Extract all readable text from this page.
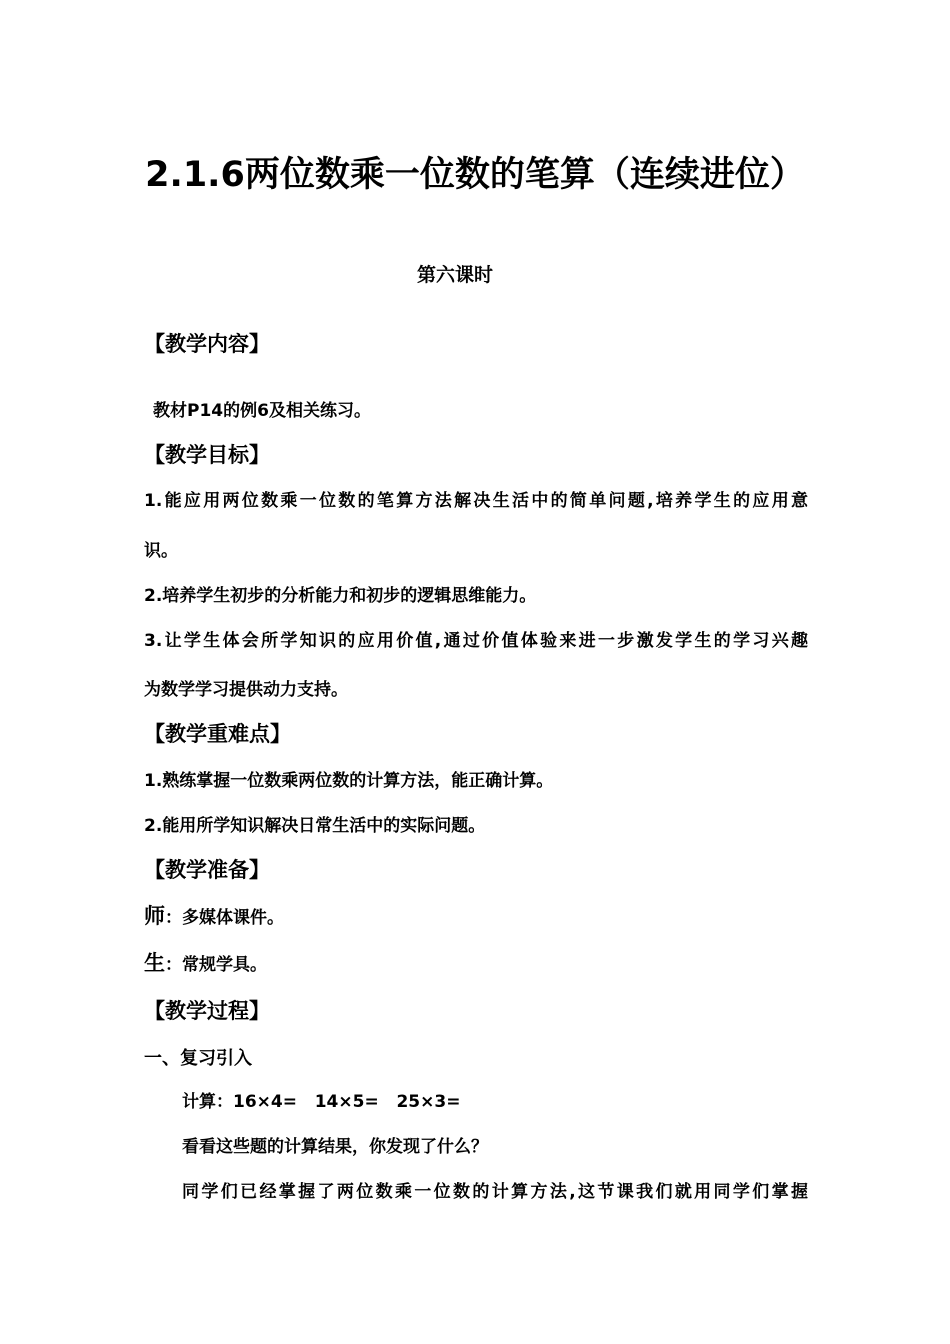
2.1.6两位数乘一位数的笔算（连续进位）
第六课时
【教学内容】
教材P14的例6及相关练习。
【教学目标】
1.能应用两位数乘一位数的笔算方法解决生活中的简单问题,培养学生的应用意
识。
2.培养学生初步的分析能力和初步的逻辑思维能力。
3.让学生体会所学知识的应用价值,通过价值体验来进一步激发学生的学习兴趣
为数学学习提供动力支持。
【教学重难点】
1.熟练掌握一位数乘两位数的计算方法，能正确计算。
2.能用所学知识解决日常生活中的实际问题。
【教学准备】
师：多媒体课件。
生：常规学具。
【教学过程】
一、复习引入
计算：16×4=   14×5=   25×3=
看看这些题的计算结果，你发现了什么？
同学们已经掌握了两位数乘一位数的计算方法,这节课我们就用同学们掌握
